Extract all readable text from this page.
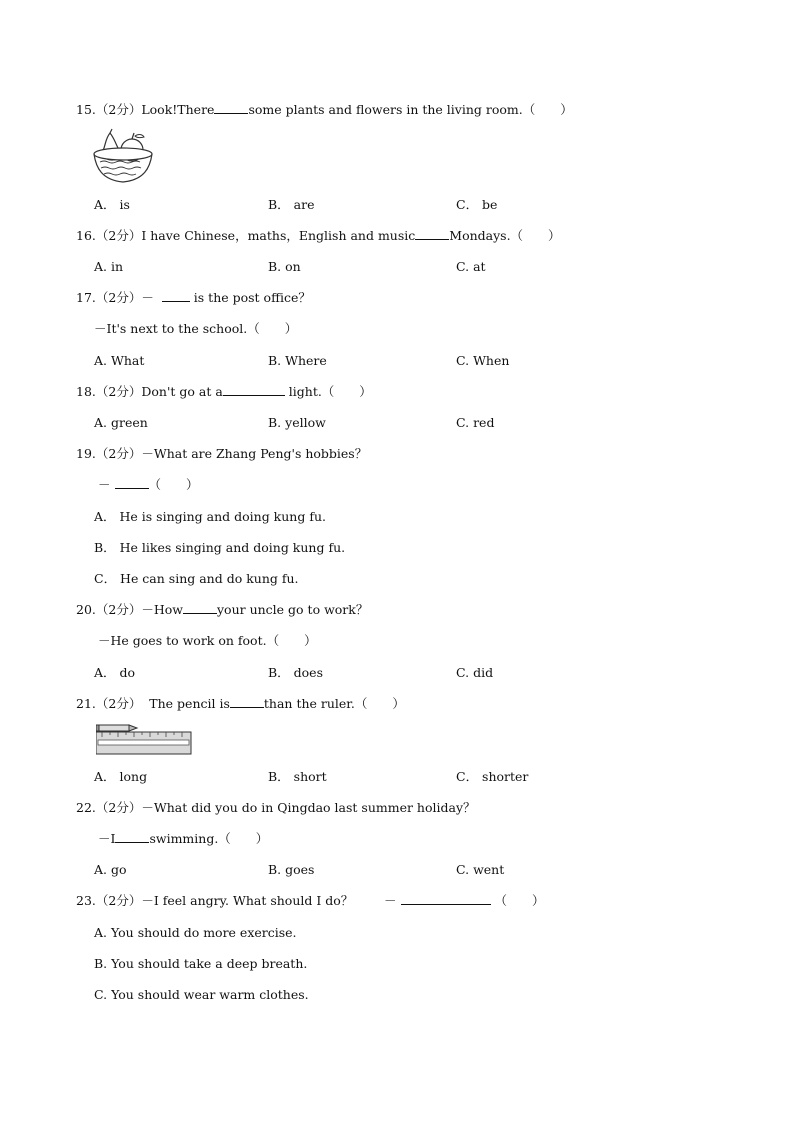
15.（2分）Look!There	some plants and flowers in the living room.（　　）
A． is	B． are	C． be
16.（2分）I have Chinese，maths，English and music	Mondays.（　　）
A. in	B. on	C. at
17.（2分）－	is the post office？
－It's next to the school.（　　）
A. What	B. Where	C. When
18.（2分）Don't go at a	light.（　　）
A. green	B. yellow	C. red
19.（2分）－What are Zhang Peng's hobbies？
－	（　　）
A． He is singing and doing kung fu.
B． He likes singing and doing kung fu.
C． He can sing and do kung fu.
20.（2分）－How	your uncle go to work？
－He goes to work on foot.（　　）
A． do	B． does	C. did
21.（2分） The pencil is	than the ruler.（　　）
A． long	B． short	C． shorter
22.（2分）－What did you do in Qingdao last summer holiday？
－I	swimming.（　　）
A. go	B. goes	C. went
23.（2分）－I feel angry. What should I do？ －	（　　）
A. You should do more exercise.
B. You should take a deep breath.
C. You should wear warm clothes.
